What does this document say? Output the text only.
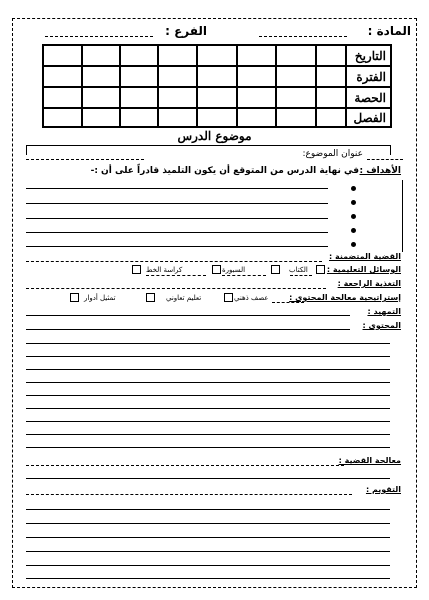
المادة :
الفرع :
التاريخ
الفترة
الحصة
الفصل
موضوع الدرس
عنوان الموضوع:
الأهداف :
في نهاية الدرس من المتوقع أن يكون التلميذ قادراً على أن :-
القضية المتضمنة :
الوسائل التعليمية :
الكتاب
السبورة
كراسة الخط
التغذية الراجعة :
إستراتيجية معالجة المحتوى :
عصف ذهني
تعليم تعاوني
تمثيل أدوار
التمهيد :
المحتوى :
معالجة القضية :
التقويم :
